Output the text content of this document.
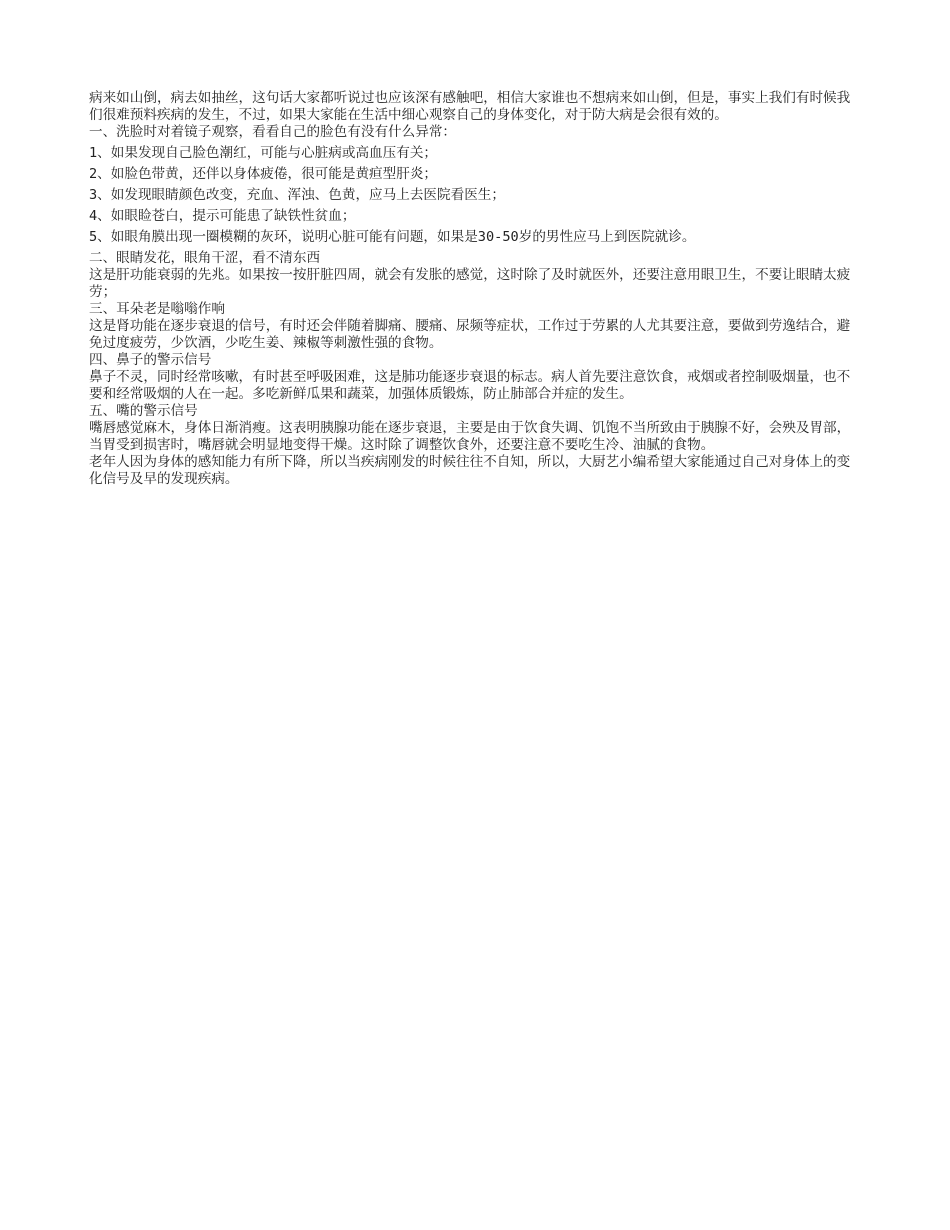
病来如山倒，病去如抽丝，这句话大家都听说过也应该深有感触吧，相信大家谁也不想病来如山倒，但是，事实上我们有时候我们很难预料疾病的发生，不过，如果大家能在生活中细心观察自己的身体变化，对于防大病是会很有效的。

一、洗脸时对着镜子观察，看看自己的脸色有没有什么异常：

1、如果发现自己脸色潮红，可能与心脏病或高血压有关；

2、如脸色带黄，还伴以身体疲倦，很可能是黄疸型肝炎；

3、如发现眼睛颜色改变，充血、浑浊、色黄，应马上去医院看医生；

4、如眼睑苍白，提示可能患了缺铁性贫血；

5、如眼角膜出现一圈模糊的灰环，说明心脏可能有问题，如果是30-50岁的男性应马上到医院就诊。

二、眼睛发花，眼角干涩，看不清东西

这是肝功能衰弱的先兆。如果按一按肝脏四周，就会有发胀的感觉，这时除了及时就医外，还要注意用眼卫生，不要让眼睛太疲劳；

三、耳朵老是嗡嗡作响

这是肾功能在逐步衰退的信号，有时还会伴随着脚痛、腰痛、尿频等症状，工作过于劳累的人尤其要注意，要做到劳逸结合，避免过度疲劳，少饮酒，少吃生姜、辣椒等刺激性强的食物。

四、鼻子的警示信号

鼻子不灵，同时经常咳嗽，有时甚至呼吸困难，这是肺功能逐步衰退的标志。病人首先要注意饮食，戒烟或者控制吸烟量，也不要和经常吸烟的人在一起。多吃新鲜瓜果和蔬菜，加强体质锻炼，防止肺部合并症的发生。

五、嘴的警示信号

嘴唇感觉麻木，身体日渐消瘦。这表明胰腺功能在逐步衰退，主要是由于饮食失调、饥饱不当所致由于胰腺不好，会殃及胃部，当胃受到损害时，嘴唇就会明显地变得干燥。这时除了调整饮食外，还要注意不要吃生冷、油腻的食物。

老年人因为身体的感知能力有所下降，所以当疾病刚发的时候往往不自知，所以，大厨艺小编希望大家能通过自己对身体上的变化信号及早的发现疾病。
